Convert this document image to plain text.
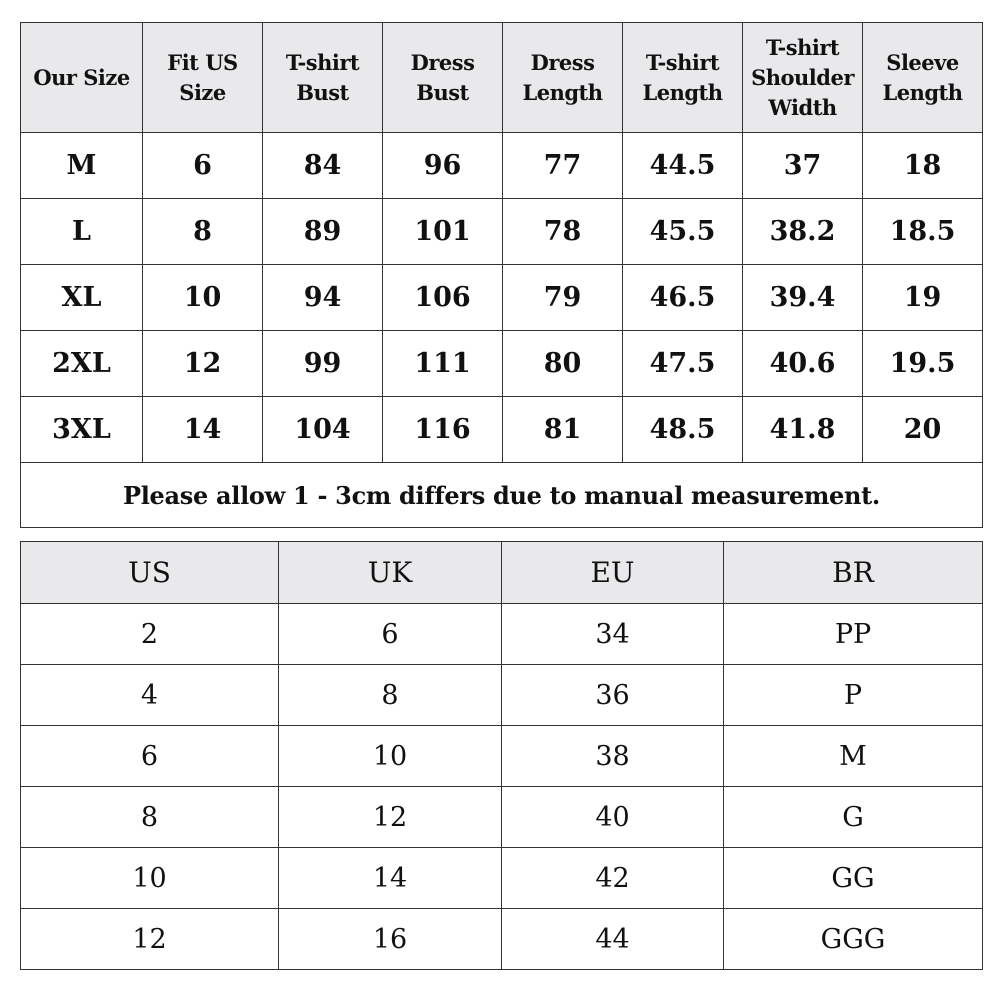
Our Size	Fit US Size	T-shirt Bust	Dress Bust	Dress Length	T-shirt Length	T-shirt Shoulder Width	Sleeve Length
M	6	84	96	77	44.5	37	18
L	8	89	101	78	45.5	38.2	18.5
XL	10	94	106	79	46.5	39.4	19
2XL	12	99	111	80	47.5	40.6	19.5
3XL	14	104	116	81	48.5	41.8	20
Please allow 1 - 3cm differs due to manual measurement.							
US	UK	EU	BR
2	6	34	PP
4	8	36	P
6	10	38	M
8	12	40	G
10	14	42	GG
12	16	44	GGG
